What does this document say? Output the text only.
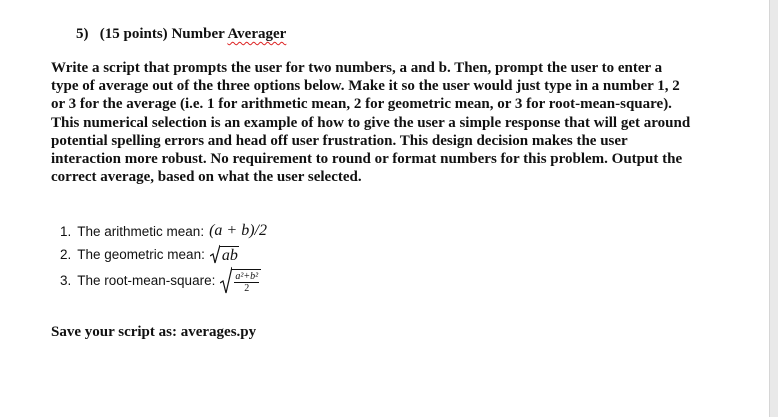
5) (15 points) Number Averager

Write a script that prompts the user for two numbers, a and b. Then, prompt the user to enter a type of average out of the three options below. Make it so the user would just type in a number 1, 2 or 3 for the average (i.e. 1 for arithmetic mean, 2 for geometric mean, or 3 for root-mean-square). This numerical selection is an example of how to give the user a simple response that will get around potential spelling errors and head off user frustration. This design decision makes the user interaction more robust. No requirement to round or format numbers for this problem. Output the correct average, based on what the user selected.

1. The arithmetic mean: (a + b)/2
2. The geometric mean: ab
3. The root-mean-square: $\frac{\text{a²+b²}}{2}$
Save your script as: averages.py
